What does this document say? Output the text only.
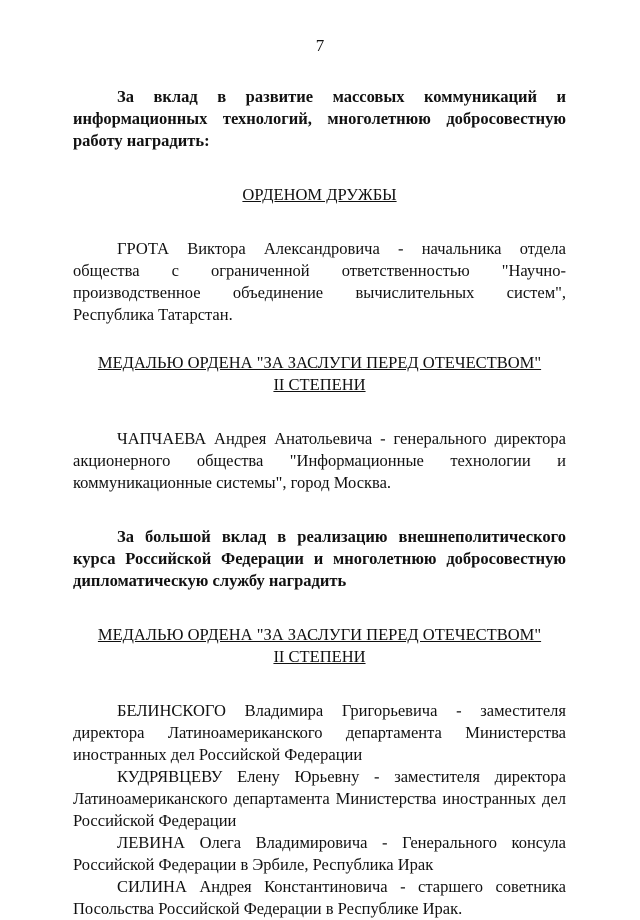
7

За вклад в развитие массовых коммуникаций и информационных технологий, многолетнюю добросовестную работу наградить:

ОРДЕНОМ ДРУЖБЫ

ГРОТА Виктора Александровича - начальника отдела общества с ограниченной ответственностью "Научно-производственное объединение вычислительных систем", Республика Татарстан.

МЕДАЛЬЮ ОРДЕНА "ЗА ЗАСЛУГИ ПЕРЕД ОТЕЧЕСТВОМ"

II СТЕПЕНИ

ЧАПЧАЕВА Андрея Анатольевича - генерального директора акционерного общества "Информационные технологии и коммуникационные системы", город Москва.

За большой вклад в реализацию внешнеполитического курса Российской Федерации и многолетнюю добросовестную дипломатическую службу наградить

МЕДАЛЬЮ ОРДЕНА "ЗА ЗАСЛУГИ ПЕРЕД ОТЕЧЕСТВОМ"

II СТЕПЕНИ

БЕЛИНСКОГО Владимира Григорьевича - заместителя директора Латиноамериканского департамента Министерства иностранных дел Российской Федерации

КУДРЯВЦЕВУ Елену Юрьевну - заместителя директора Латиноамериканского департамента Министерства иностранных дел Российской Федерации

ЛЕВИНА Олега Владимировича - Генерального консула Российской Федерации в Эрбиле, Республика Ирак

СИЛИНА Андрея Константиновича - старшего советника Посольства Российской Федерации в Республике Ирак.
